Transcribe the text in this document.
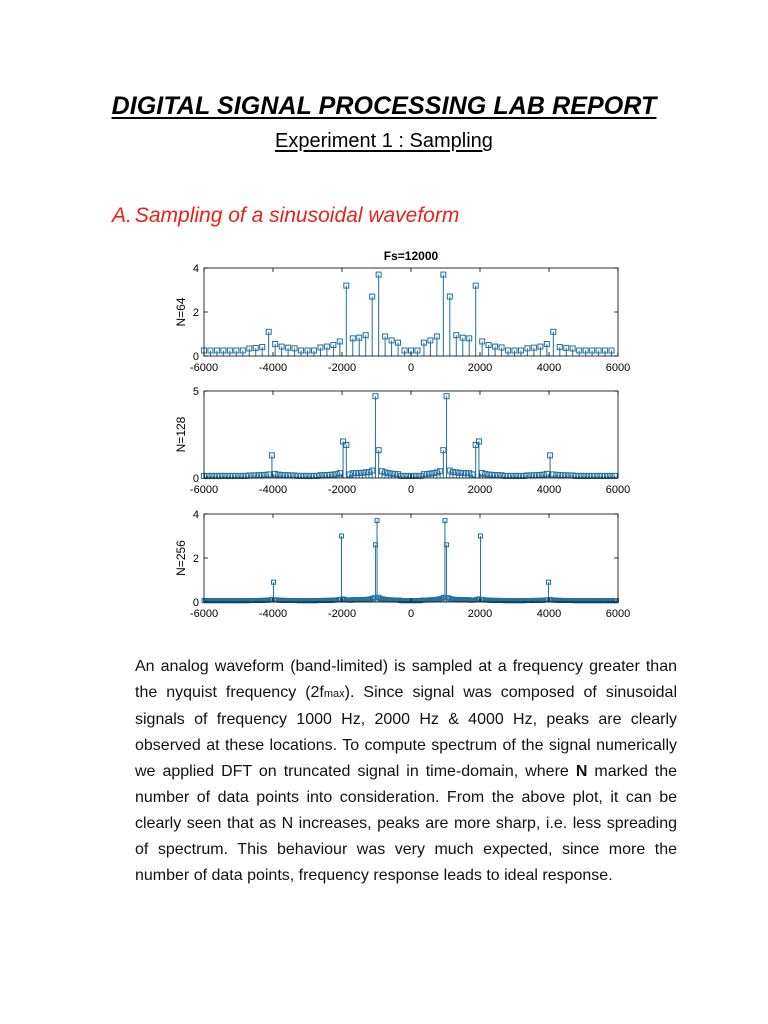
DIGITAL SIGNAL PROCESSING LAB REPORT
Experiment 1 : Sampling
A. Sampling of a sinusoidal waveform
-6000	-4000	-2000	0	2000	4000	6000
0
2
4
N=64
Fs=12000
-6000	-4000	-2000	0	2000	4000	6000
0
5
N=128
-6000	-4000	-2000	0	2000	4000	6000
0
2
4
N=256
An analog waveform (band-limited) is sampled at a frequency greater than the nyquist frequency (2fmax). Since signal was composed of sinusoidal signals of frequency 1000 Hz, 2000 Hz & 4000 Hz, peaks are clearly observed at these locations. To compute spectrum of the signal numerically we applied DFT on truncated signal in time-domain, where N marked the number of data points into consideration. From the above plot, it can be clearly seen that as N increases, peaks are more sharp, i.e. less spreading of spectrum. This behaviour was very much expected, since more the number of data points, frequency response leads to ideal response.
